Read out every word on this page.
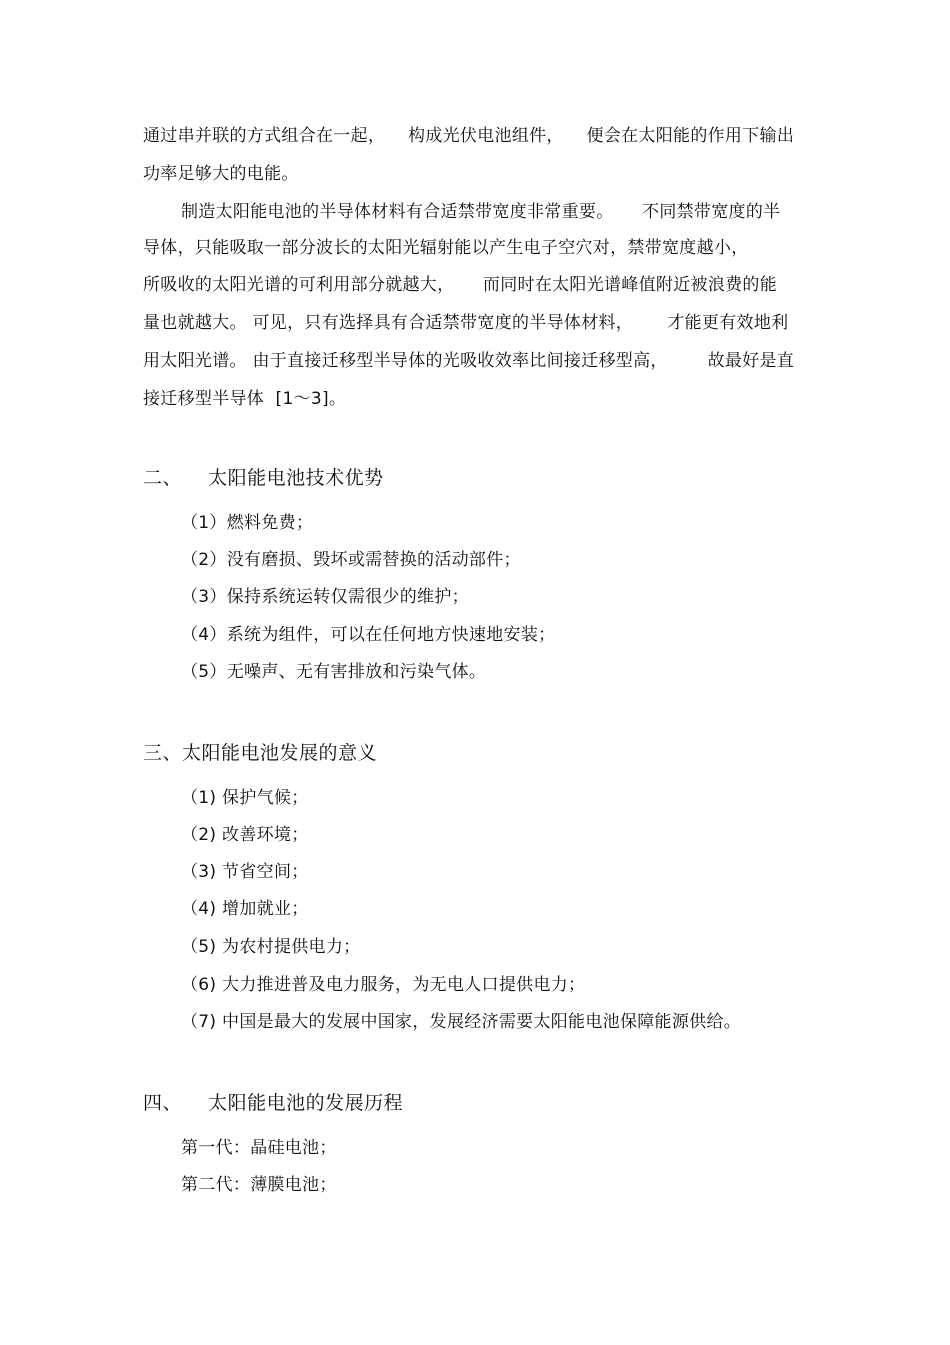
通过串并联的方式组合在一起，    构成光伏电池组件，    便会在太阳能的作用下输出
功率足够大的电能。
制造太阳能电池的半导体材料有合适禁带宽度非常重要。     不同禁带宽度的半
导体，只能吸取一部分波长的太阳光辐射能以产生电子空穴对，禁带宽度越小，
所吸收的太阳光谱的可利用部分就越大，     而同时在太阳光谱峰值附近被浪费的能
量也就越大。 可见，只有选择具有合适禁带宽度的半导体材料，      才能更有效地利
用太阳光谱。 由于直接迁移型半导体的光吸收效率比间接迁移型高，       故最好是直
接迁移型半导体  [1～3]。
二、    太阳能电池技术优势
（1）燃料免费；
（2）没有磨损、毁坏或需替换的活动部件；
（3）保持系统运转仅需很少的维护；
（4）系统为组件，可以在任何地方快速地安装；
（5）无噪声、无有害排放和污染气体。
三、太阳能电池发展的意义
（1) 保护气候；
（2) 改善环境；
（3) 节省空间；
（4) 增加就业；
（5) 为农村提供电力；
（6) 大力推进普及电力服务，为无电人口提供电力；
（7) 中国是最大的发展中国家，发展经济需要太阳能电池保障能源供给。
四、    太阳能电池的发展历程
第一代：晶硅电池；
第二代：薄膜电池；
